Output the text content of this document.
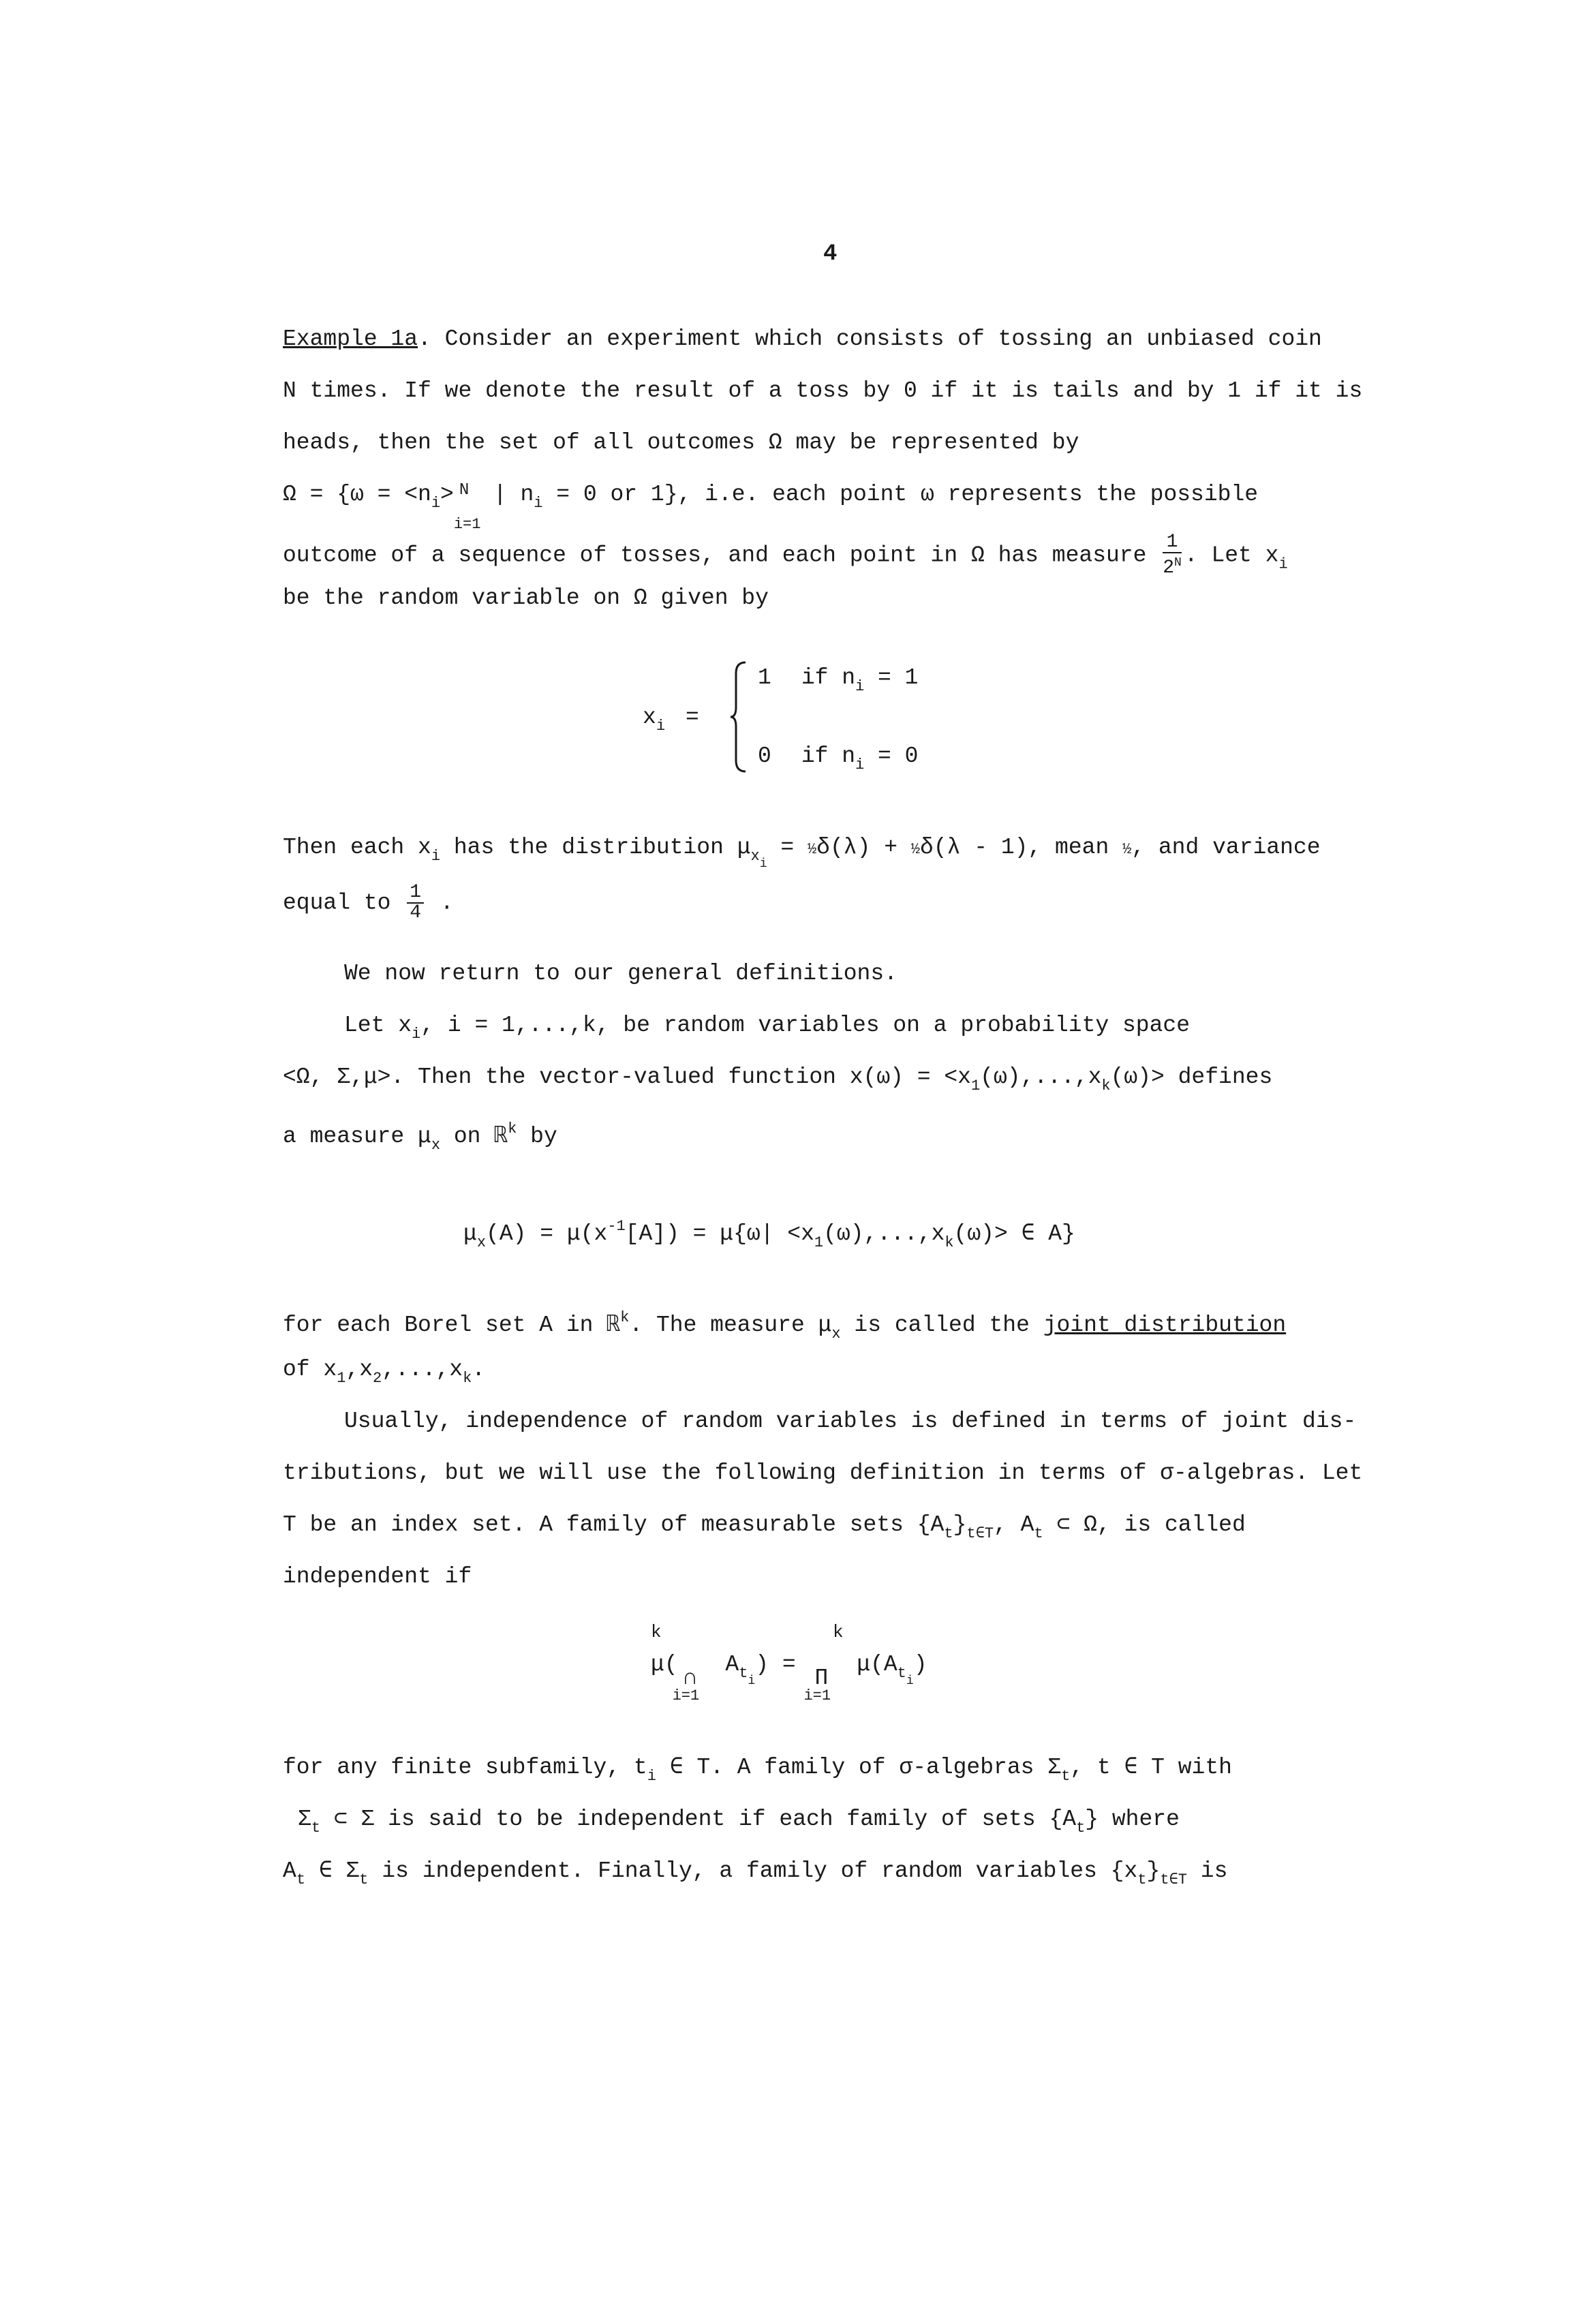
4
Example 1a. Consider an experiment which consists of tossing an unbiased coin
N times. If we denote the result of a toss by 0 if it is tails and by 1 if it is
heads, then the set of all outcomes Ω may be represented by
$\Omega = \{\omega = <n_i> N$
i=1
| $n_i = 0$ or 1}, i.e. each point ω represents the possible
outcome of a sequence of tosses, and each point in Ω has measure $\frac{1}{2^N}$ . Let $x_i$
be the random variable on Ω given by
$x_i$ =
1 if $n_i = 1$
0 if $n_i = 0$
Then each $x_i$ has the distribution $\mu_{x_i}$ = ½δ(λ) + ½δ(λ - 1), mean ½, and variance
equal to $\frac{1}{4}$ .
We now return to our general definitions.
Let $x_i$, i = 1,...,k, be random variables on a probability space
<Ω, Σ,μ>. Then the vector-valued function $x(\omega) = <x_1(\omega),...,x_k(\omega)>$ defines
a measure $\mu_x$ on ℝ$^k$ by
$\mu_x(A) = \mu(x^{-1}[A]) = \mu\{\omega| <x_1(\omega),...,x_k(\omega)>$ ∈ A}
for each Borel set A in ℝ$^k$. The measure $\mu_x$ is called the joint distribution
of $x_1,x_2,...,x_k$.
Usually, independence of random variables is defined in terms of joint dis-
tributions, but we will use the following definition in terms of σ-algebras. Let
T be an index set. A family of measurable sets $\{A_t\}_{t\in T}$, $A_t$ ⊂ Ω, is called
independent if
k	k
μ(
∩
i=1
$A_{t_i}$) =
Π
i=1
$\mu(A_{t_i})$
for any finite subfamily, $t_i$ ∈ T. A family of σ-algebras $\Sigma_t$, t ∈ T with
$\Sigma_t$ ⊂ Σ is said to be independent if each family of sets $\{A_t\}$ where
$A_t$ ∈ $\Sigma_t$ is independent. Finally, a family of random variables $\{x_t\}_{t\in T}$ is
